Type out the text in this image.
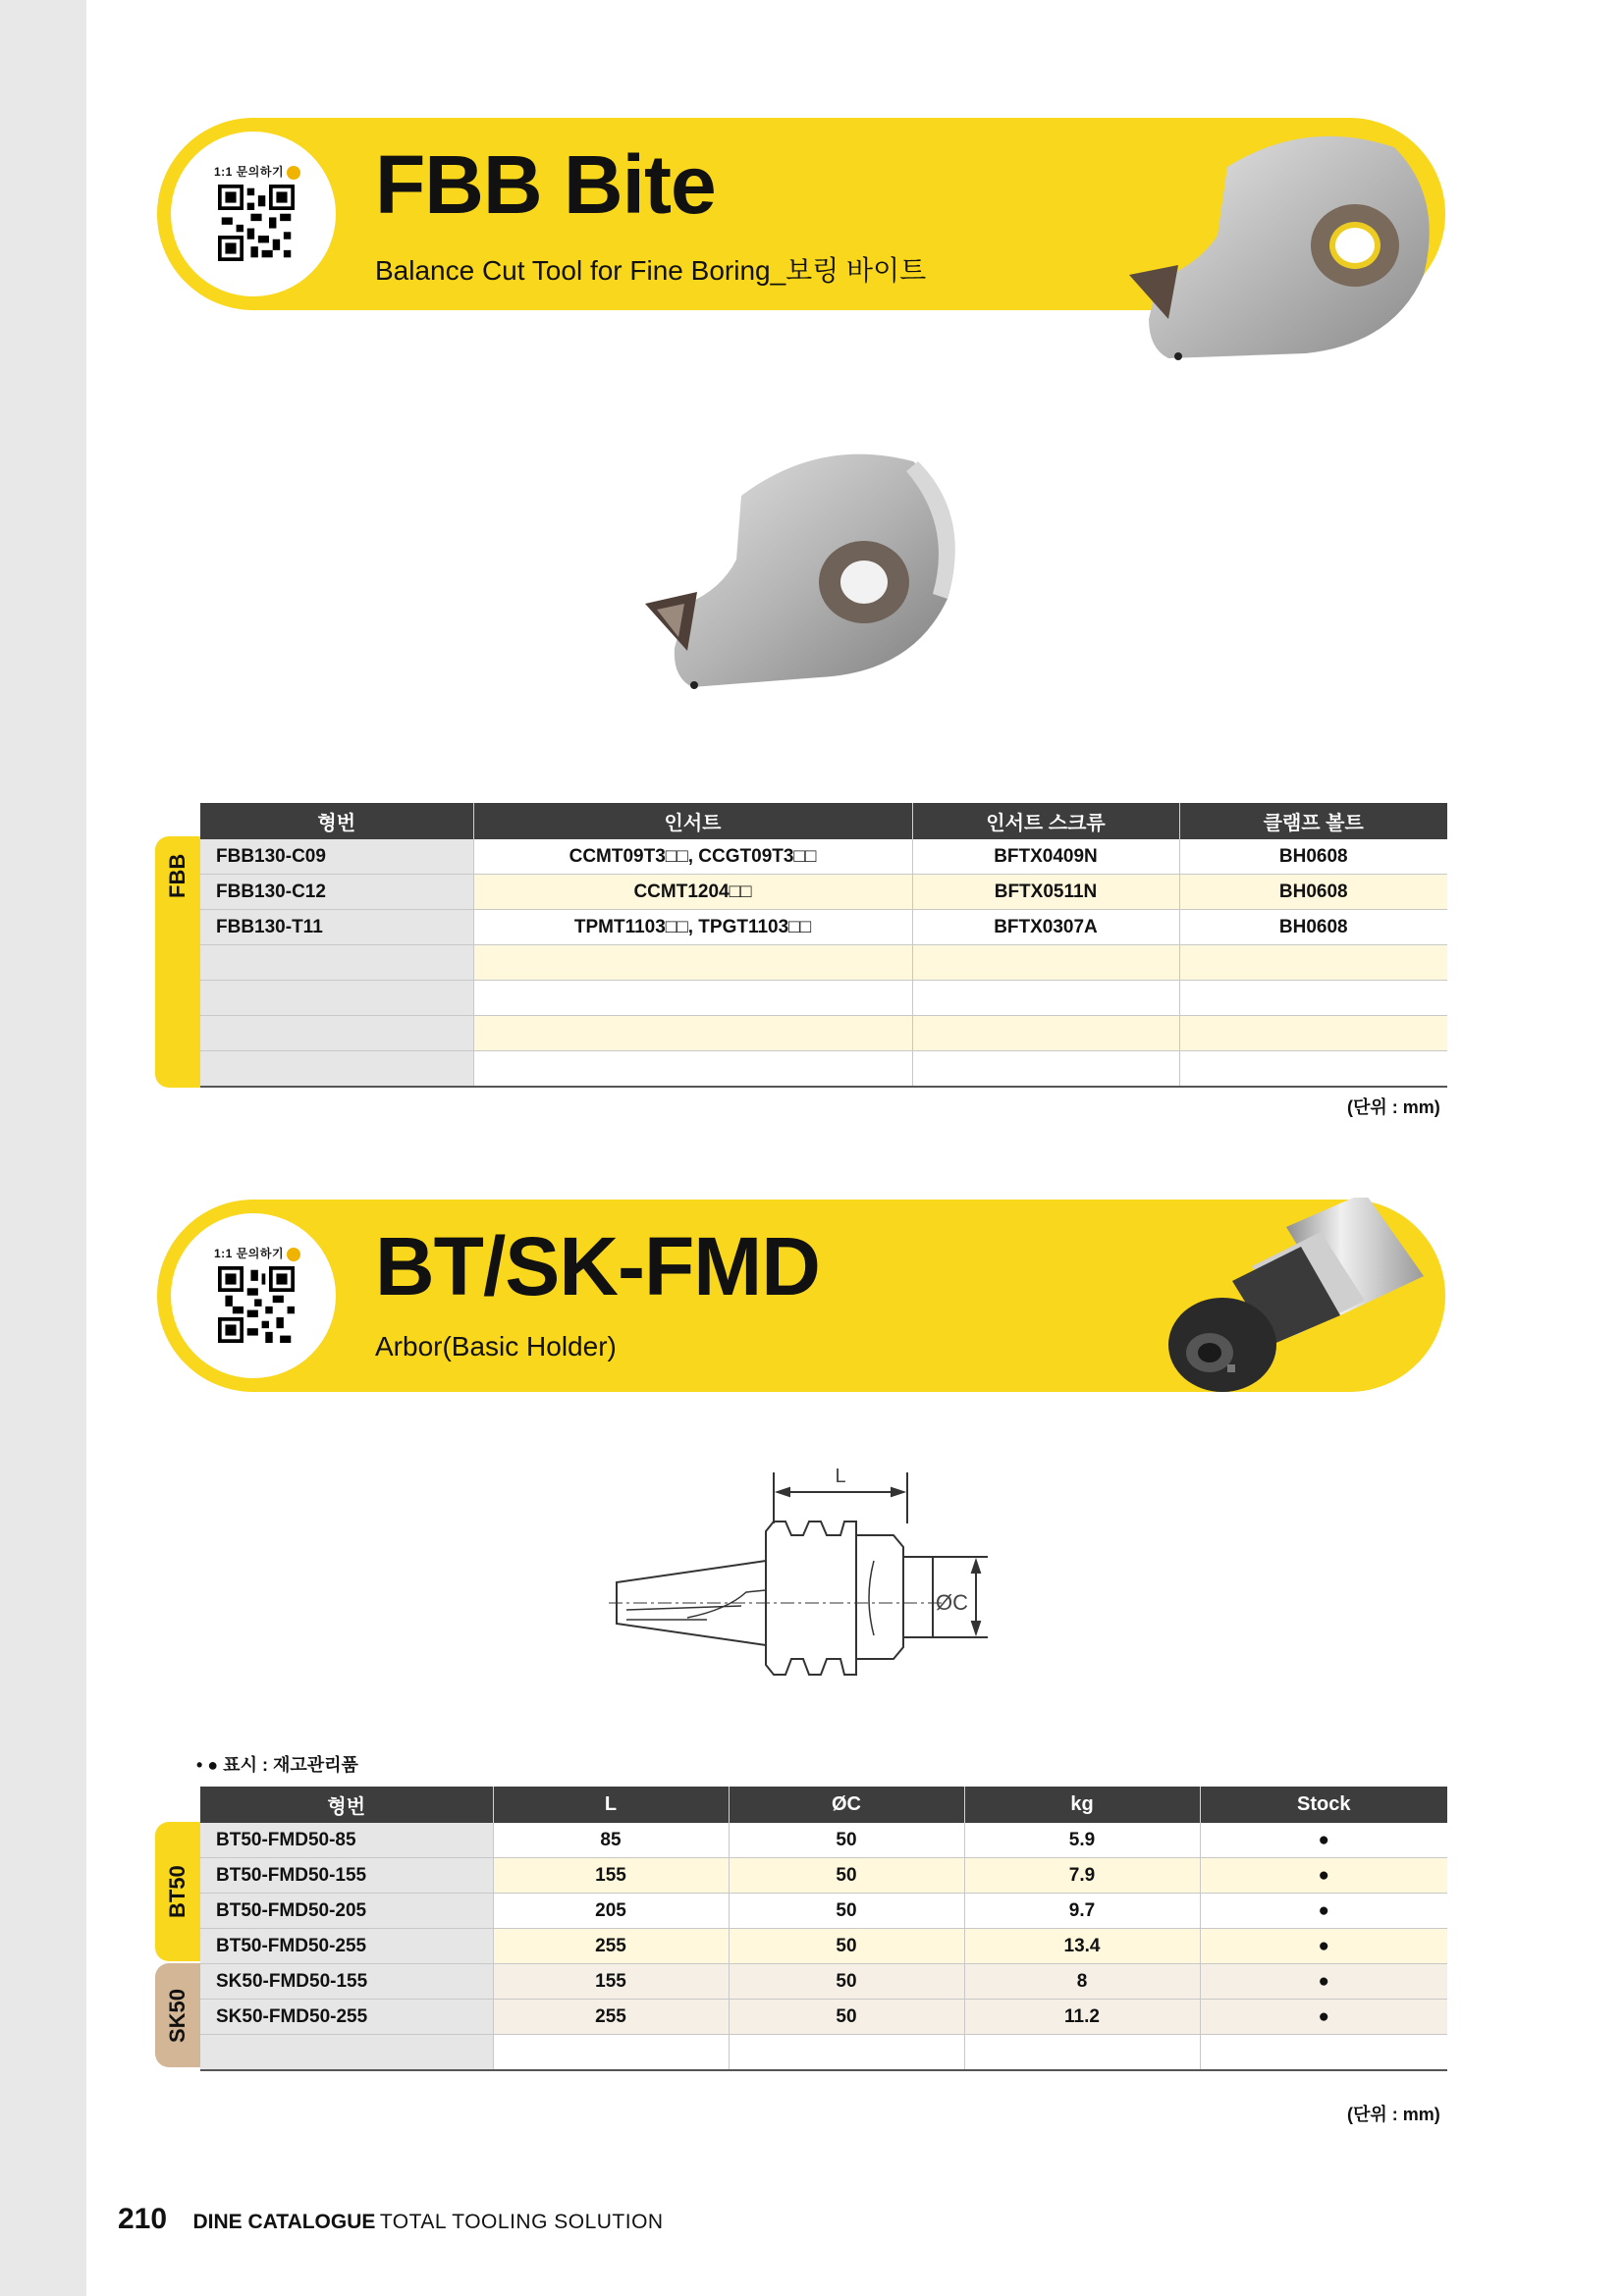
1:1 문의하기 FBB Bite
Balance Cut Tool for Fine Boring_보링 바이트
FBB
형번	인서트	인서트 스크류	클램프 볼트
FBB130-C09	CCMT09T3□□, CCGT09T3□□	BFTX0409N	BH0608
FBB130-C12	CCMT1204□□	BFTX0511N	BH0608
FBB130-T11	TPMT1103□□, TPGT1103□□	BFTX0307A	BH0608

(단위 : mm)
1:1 문의하기 BT/SK-FMD
Arbor(Basic Holder)
L
ØC
• ● 표시 : 재고관리품
BT50
SK50
형번	L	ØC	kg	Stock
BT50-FMD50-85	85	50	5.9	●
BT50-FMD50-155	155	50	7.9	●
BT50-FMD50-205	205	50	9.7	●
BT50-FMD50-255	255	50	13.4	●
SK50-FMD50-155	155	50	8	●
SK50-FMD50-255	255	50	11.2	●

(단위 : mm)
210 DINE CATALOGUE TOTAL TOOLING SOLUTION
